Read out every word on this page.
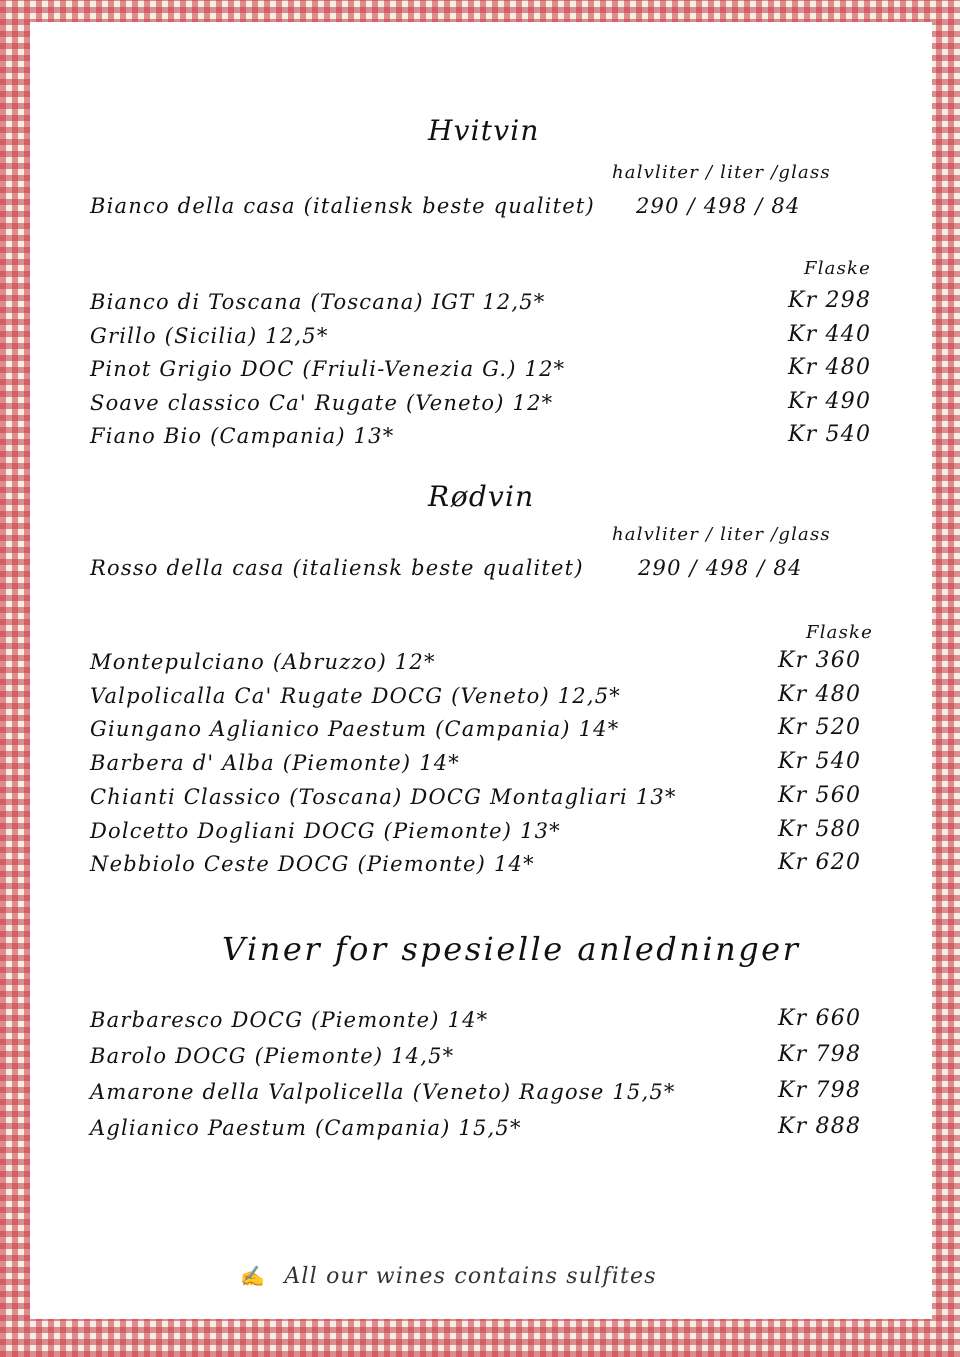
Hvitvin
halvliter / liter /glass
Bianco della casa (italiensk beste qualitet) 290 / 498 / 84
Flaske
Bianco di Toscana (Toscana) IGT 12,5*	Kr 298
Grillo (Sicilia) 12,5*	Kr 440
Pinot Grigio DOC (Friuli-Venezia G.) 12*	Kr 480
Soave classico Ca' Rugate (Veneto) 12*	Kr 490
Fiano Bio (Campania) 13*	Kr 540
Rødvin
halvliter / liter /glass
Rosso della casa (italiensk beste qualitet)	290 / 498 / 84
Flaske
Montepulciano (Abruzzo) 12*	Kr 360
Valpolicalla Ca' Rugate DOCG (Veneto) 12,5*	Kr 480
Giungano Aglianico Paestum (Campania) 14*	Kr 520
Barbera d' Alba (Piemonte) 14*	Kr 540
Chianti Classico (Toscana) DOCG Montagliari 13*	Kr 560
Dolcetto Dogliani DOCG (Piemonte) 13*	Kr 580
Nebbiolo Ceste DOCG (Piemonte) 14*	Kr 620
Viner for spesielle anledninger
Barbaresco DOCG (Piemonte) 14*	Kr 660
Barolo DOCG (Piemonte) 14,5*	Kr 798
Amarone della Valpolicella (Veneto) Ragose 15,5*	Kr 798
Aglianico Paestum (Campania) 15,5*	Kr 888
✍ All our wines contains sulfites
